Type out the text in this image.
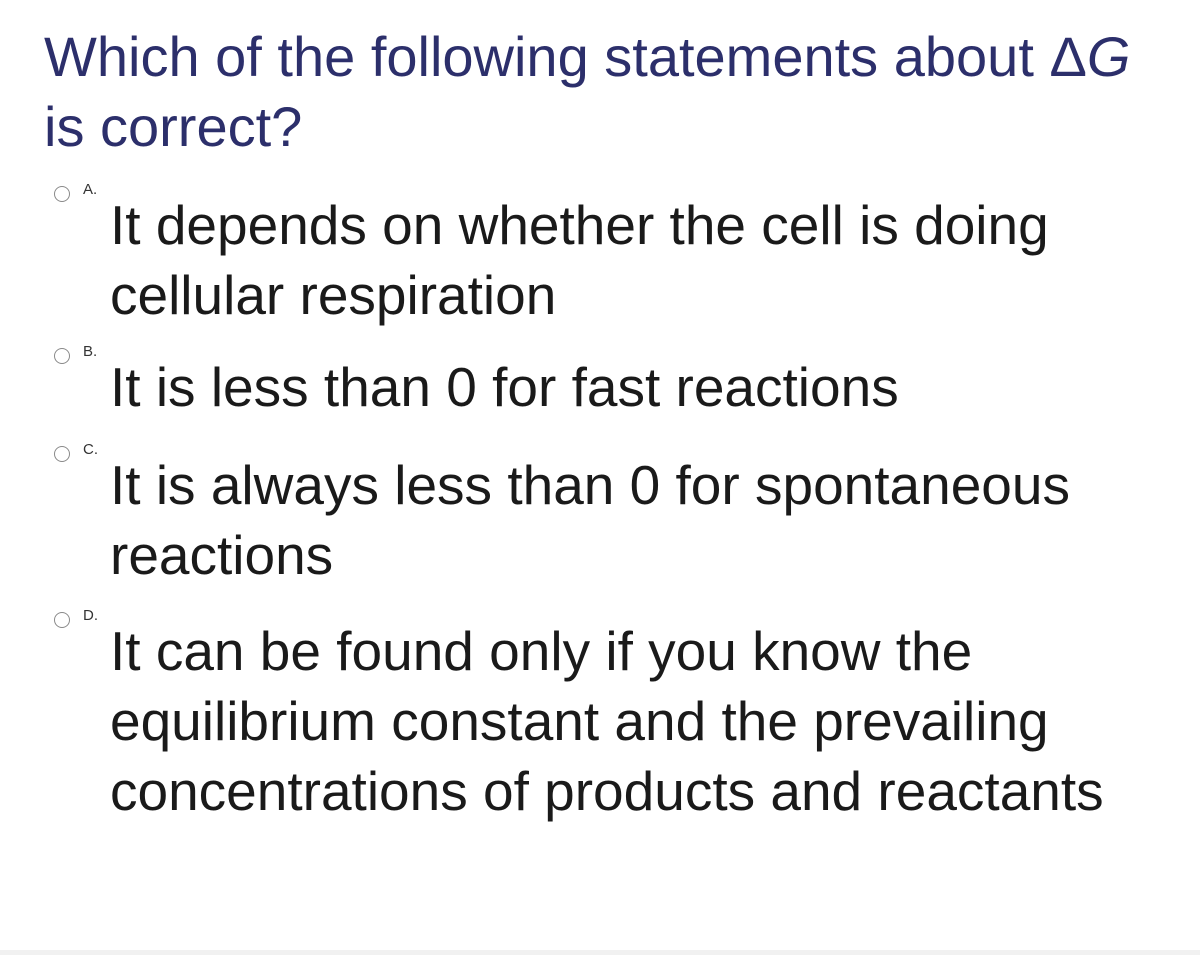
Which of the following statements about ΔG is correct?
A.
It depends on whether the cell is doing cellular respiration
B.
It is less than 0 for fast reactions
C.
It is always less than 0 for spontaneous reactions
D.
It can be found only if you know the equilibrium constant and the prevailing concentrations of products and reactants
